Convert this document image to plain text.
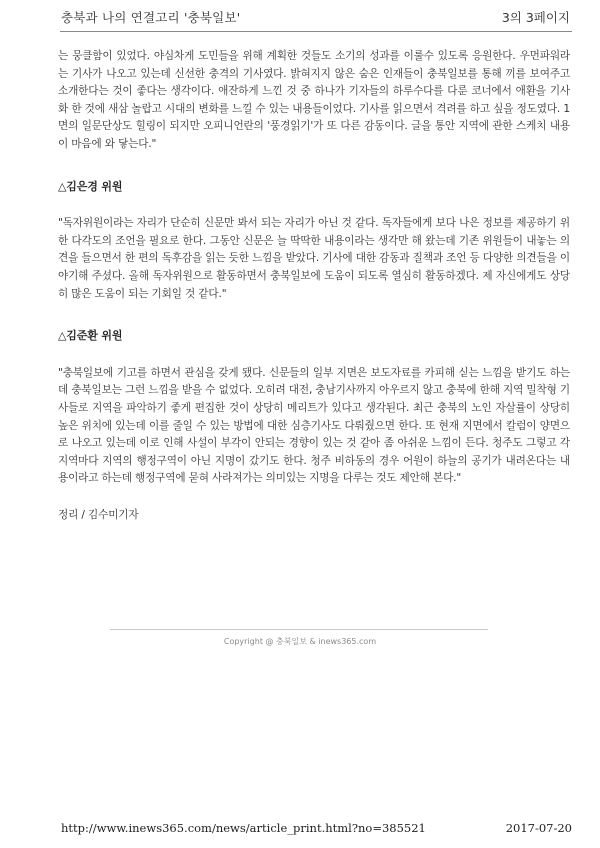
충북과 나의 연결고리 '충북일보'	3의 3페이지

는 뭉클함이 있었다. 야심차게 도민들을 위해 계획한 것들도 소기의 성과를 이룰수 있도록 응원한다. 우먼파워라는 기사가 나오고 있는데 신선한 충격의 기사였다. 밝혀지지 않은 숨은 인재들이 충북일보를 통해 끼를 보여주고 소개한다는 것이 좋다는 생각이다. 애잔하게 느낀 것 중 하나가 기자들의 하루수다를 다룬 코너에서 애환을 기사화 한 것에 새삼 놀랍고 시대의 변화를 느낄 수 있는 내용들이었다. 기사를 읽으면서 격려를 하고 싶을 정도였다. 1면의 일문단상도 힐링이 되지만 오피니언란의 '풍경읽기'가 또 다른 감동이다. 글을 통안 지역에 관한 스케치 내용이 마음에 와 닿는다."

△김은경 위원

"독자위원이라는 자리가 단순히 신문만 봐서 되는 자리가 아닌 것 같다. 독자들에게 보다 나은 정보를 제공하기 위한 다각도의 조언을 필요로 한다. 그동안 신문은 늘 딱딱한 내용이라는 생각만 해 왔는데 기존 위원들이 내놓는 의견을 들으면서 한 편의 독후감을 읽는 듯한 느낌을 받았다. 기사에 대한 감동과 질책과 조언 등 다양한 의견들을 이야기해 주셨다. 올해 독자위원으로 활동하면서 충북일보에 도움이 되도록 열심히 활동하겠다. 제 자신에게도 상당히 많은 도움이 되는 기회일 것 같다."

△김준환 위원

"충북일보에 기고를 하면서 관심을 갖게 됐다. 신문들의 일부 지면은 보도자료를 카피해 싣는 느낌을 받기도 하는데 충북일보는 그런 느낌을 받을 수 없었다. 오히려 대전, 충남기사까지 아우르지 않고 충북에 한해 지역 밀착형 기사들로 지역을 파악하기 좋게 편집한 것이 상당히 메리트가 있다고 생각된다. 최근 충북의 노인 자살률이 상당히 높은 위치에 있는데 이를 줄일 수 있는 방법에 대한 심층기사도 다뤄줬으면 한다. 또 현재 지면에서 칼럼이 양면으로 나오고 있는데 이로 인해 사설이 부각이 안되는 경향이 있는 것 같아 좀 아쉬운 느낌이 든다. 청주도 그렇고 각 지역마다 지역의 행정구역이 아닌 지명이 갔기도 한다. 청주 비하동의 경우 어원이 하늘의 공기가 내려온다는 내용이라고 하는데 행정구역에 묻혀 사라져가는 의미있는 지명을 다루는 것도 제안해 본다."

정리 / 김수미기자
Copyright @ 충북일보 & inews365.com
http://www.inews365.com/news/article_print.html?no=385521	2017-07-20
